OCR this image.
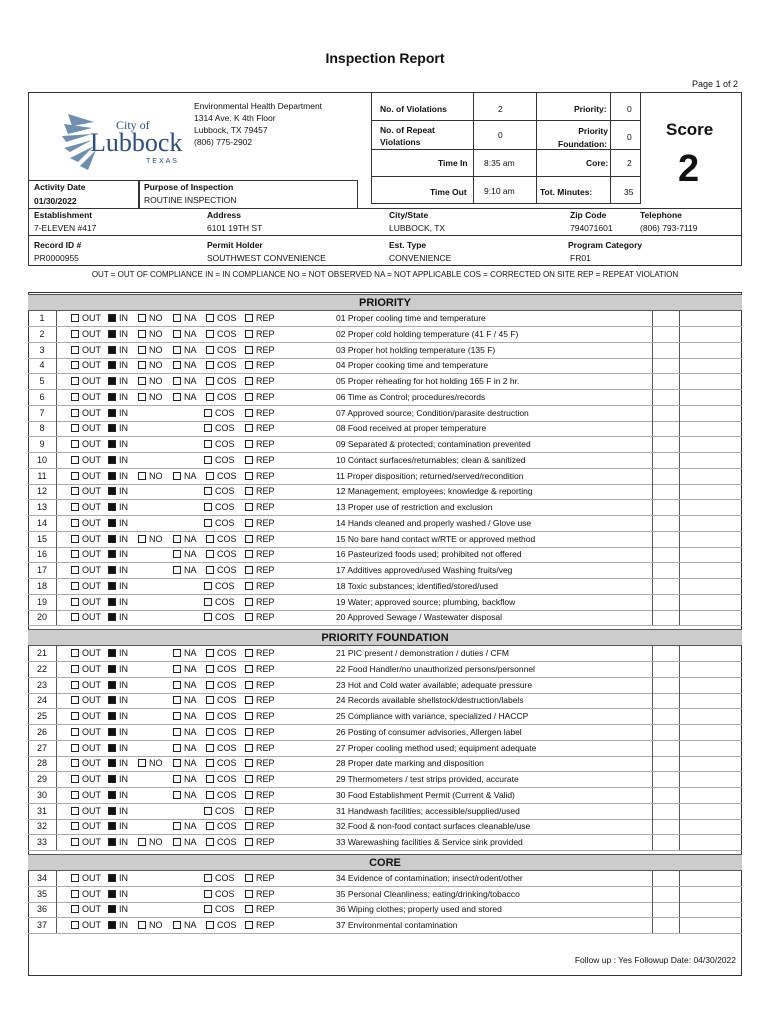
Inspection Report
Page 1 of 2
City of
Lubbock
TEXAS
Environmental Health Department
1314 Ave. K 4th Floor
Lubbock, TX 79457
(806) 775-2902
No. of Violations	2
No. of Repeat
Violations
0
Time In 8:35 am
Time Out 9:10 am
Priority: 0
Priority
Foundation:
0
Core: 2
Tot. Minutes:	35
Score
2
Activity Date
01/30/2022
Purpose of Inspection
ROUTINE INSPECTION
Establishment
7-ELEVEN #417
Address
6101 19TH ST
City/State
LUBBOCK, TX
Zip Code
794071601
Telephone
(806) 793-7119
Record ID #
PR0000955
Permit Holder
SOUTHWEST CONVENIENCE
Est. Type
CONVENIENCE
Program Category
FR01
OUT = OUT OF COMPLIANCE IN = IN COMPLIANCE NO = NOT OBSERVED NA = NOT APPLICABLE COS = CORRECTED ON SITE REP = REPEAT VIOLATION
PRIORITY
1	OUT	IN	NO	NA	COS	REP	01 Proper cooling time and temperature
2	OUT	IN	NO	NA	COS	REP	02 Proper cold holding temperature (41 F / 45 F)
3	OUT	IN	NO	NA	COS	REP	03 Proper hot holding temperature (135 F)
4	OUT	IN	NO	NA	COS	REP	04 Proper cooking time and temperature
5	OUT	IN	NO	NA	COS	REP	05 Proper reheating for hot holding 165 F in 2 hr.
6	OUT	IN	NO	NA	COS	REP	06 Time as Control; procedures/records
7	OUT	IN	COS	REP	07 Approved source; Condition/parasite destruction
8	OUT	IN	COS	REP	08 Food received at proper temperature
9	OUT	IN	COS	REP	09 Separated & protected; contamination prevented
10	OUT	IN	COS	REP	10 Contact surfaces/returnables; clean & sanitized
11	OUT	IN	NO	NA	COS	REP	11 Proper disposition; returned/served/recondition
12	OUT	IN	COS	REP	12 Management, employees; knowledge & reporting
13	OUT	IN	COS	REP	13 Proper use of restriction and exclusion
14	OUT	IN	COS	REP	14 Hands cleaned and properly washed / Glove use
15	OUT	IN	NO	NA	COS	REP	15 No bare hand contact w/RTE or approved method
16	OUT	IN	NA	COS	REP	16 Pasteurized foods used; prohibited not offered
17	OUT	IN	NA	COS	REP	17 Additives approved/used Washing fruits/veg
18	OUT	IN	COS	REP	18 Toxic substances; identified/stored/used
19	OUT	IN	COS	REP	19 Water; approved source; plumbing, backflow
20	OUT	IN	COS	REP	20 Approved Sewage / Wastewater disposal
PRIORITY FOUNDATION
21	OUT	IN	NA	COS	REP	21 PIC present / demonstration / duties / CFM
22	OUT	IN	NA	COS	REP	22 Food Handler/no unauthorized persons/personnel
23	OUT	IN	NA	COS	REP	23 Hot and Cold water available; adequate pressure
24	OUT	IN	NA	COS	REP	24 Records available shellstock/destruction/labels
25	OUT	IN	NA	COS	REP	25 Compliance with variance, specialized / HACCP
26	OUT	IN	NA	COS	REP	26 Posting of consumer advisories, Allergen label
27	OUT	IN	NA	COS	REP	27 Proper cooling method used; equipment adequate
28	OUT	IN	NO	NA	COS	REP	28 Proper date marking and disposition
29	OUT	IN	NA	COS	REP	29 Thermometers / test strips provided, accurate
30	OUT	IN	NA	COS	REP	30 Food Establishment Permit (Current & Valid)
31	OUT	IN	COS	REP	31 Handwash facilities; accessible/supplied/used
32	OUT	IN	NA	COS	REP	32 Food & non-food contact surfaces cleanable/use
33	OUT	IN	NO	NA	COS	REP	33 Warewashing facilities & Service sink provided
CORE
34	OUT	IN	COS	REP	34 Evidence of contamination; insect/rodent/other
35	OUT	IN	COS	REP	35 Personal Cleanliness; eating/drinking/tobacco
36	OUT	IN	COS	REP	36 Wiping clothes; properly used and stored
37	OUT	IN	NO	NA	COS	REP	37 Environmental contamination
Follow up : Yes Followup Date: 04/30/2022
